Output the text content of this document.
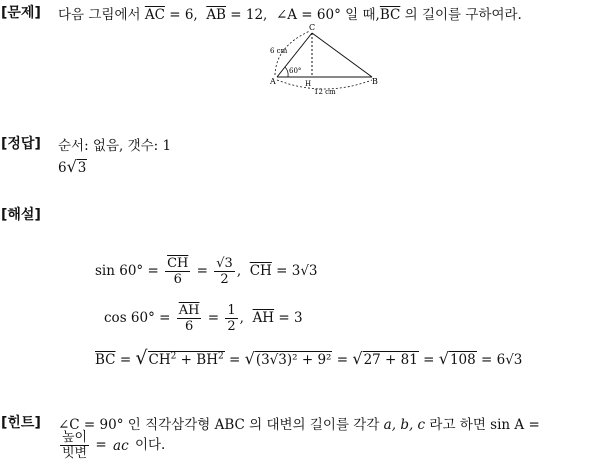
[문제] 다음 그림에서 $\overline{AC} = 6$, $\overline{AB} = 12$, ∠A = 60° 일 때$,\overline{BC}$ 의 길이를 구하여라.
C
A	B
H
6 cm
12 cm
60°
[정답] 순서: 없음, 갯수: 1
6√3
[해설]
$\sin 60^\circ = \frac{\overline{CH}}{6} = \frac{√3}{2}$ , $\overline{CH} = 3√3$
$\cos 60^\circ = \frac{\overline{AH}}{6} = \frac{1}{2}$ , $\overline{AH} = 3$
$\overline{BC} = √CH^2 + \overline{BH}^2 = √(3√3)^2 + 9^2 = √27 + 81 = √108 = 6√3$
[힌트] ∠C = 90° 인 직각삼각형 ABC 의 대변의 길이를 각각 a, b, c 라고 하면 sin A =
$\frac{\text{높이}}{\text{빗변}}$ = ac 이다.
